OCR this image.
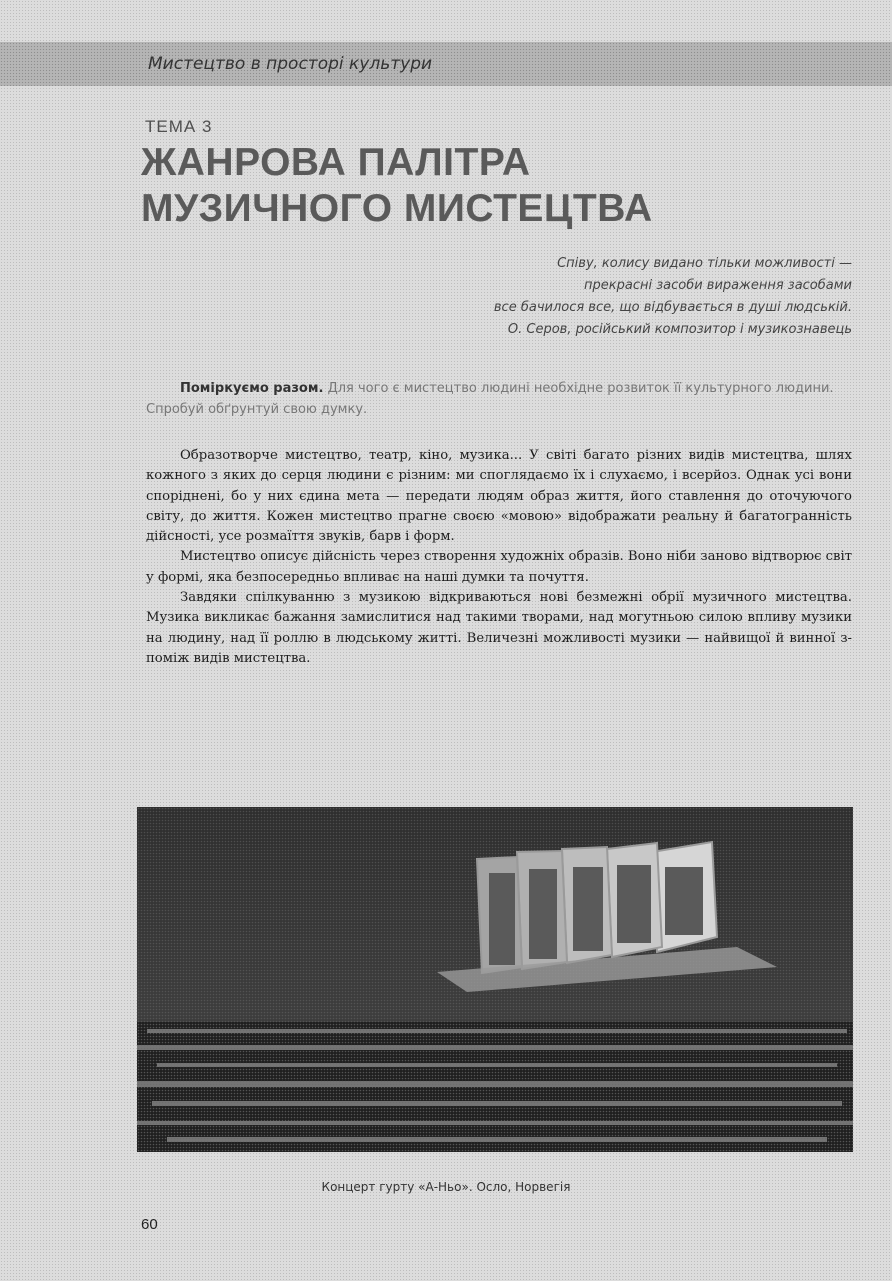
Мистецтво в просторі культури
ТЕМА 3
ЖАНРОВА ПАЛІТРА
МУЗИЧНОГО МИСТЕЦТВА
Співу, колису видано тільки можливості —
прекрасні засоби вираження засобами
все бачилося все, що відбувається в душі людській.
О. Серов, російський композитор і музикознавець
Поміркуємо разом. Для чого є мистецтво людині необхідне розвиток її культурного людини. Спробуй обґрунтуй свою думку.

Образотворче мистецтво, театр, кіно, музика... У світі багато різних видів мистецтва, шлях кожного з яких до серця людини є різним: ми споглядаємо їх і слухаємо, і всерйоз. Однак усі вони споріднені, бо у них єдина мета — передати людям образ життя, його ставлення до оточуючого світу, до життя. Кожен мистецтво прагне своєю «мовою» відображати реальну й багатогранність дійсності, усе розмаїття звуків, барв і форм.

Мистецтво описує дійсність через створення художніх образів. Воно ніби заново відтворює світ у формі, яка безпосередньо впливає на наші думки та почуття.

Завдяки спілкуванню з музикою відкриваються нові безмежні обрії музичного мистецтва. Музика викликає бажання замислитися над такими творами, над могутньою силою впливу музики на людину, над її роллю в людському житті. Величезні можливості музики — найвищої й винної з-поміж видів мистецтва.

Концерт гурту «А-Ньо». Осло, Норвегія
60
